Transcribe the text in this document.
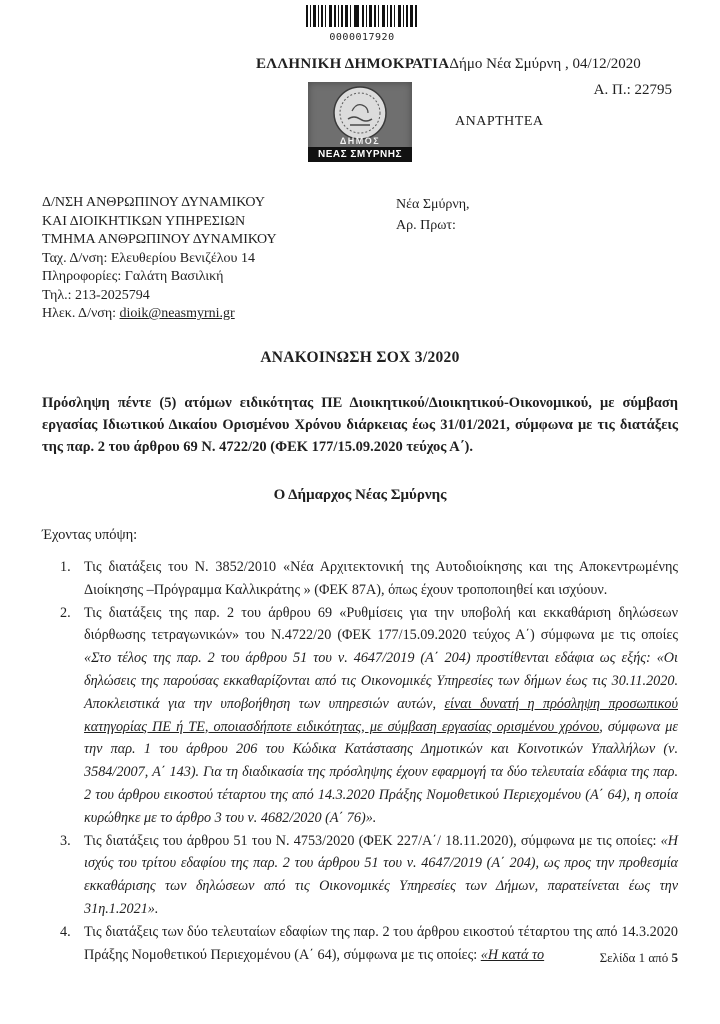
0000017920
ΕΛΛΗΝΙΚΗ ΔΗΜΟΚΡΑΤΙΑΔήμο Νέα Σμύρνη , 04/12/2020
Α. Π.: 22795
ΑΝΑΡΤΗΤΕΑ
ΔΗΜΟΣ
ΝΕΑΣ ΣΜΥΡΝΗΣ
Δ/ΝΣΗ ΑΝΘΡΩΠΙΝΟΥ ΔΥΝΑΜΙΚΟΥ
ΚΑΙ ΔΙΟΙΚΗΤΙΚΩΝ ΥΠΗΡΕΣΙΩΝ
ΤΜΗΜΑ ΑΝΘΡΩΠΙΝΟΥ ΔΥΝΑΜΙΚΟΥ
Ταχ. Δ/νση: Ελευθερίου Βενιζέλου 14
Πληροφορίες: Γαλάτη Βασιλική
Τηλ.: 213-2025794
Ηλεκ. Δ/νση: dioik@neasmyrni.gr
Νέα Σμύρνη,
Αρ. Πρωτ:
ΑΝΑΚΟΙΝΩΣΗ ΣΟΧ 3/2020
Πρόσληψη πέντε (5) ατόμων ειδικότητας ΠΕ Διοικητικού/Διοικητικού-Οικονομικού, με σύμβαση εργασίας Ιδιωτικού Δικαίου Ορισμένου Χρόνου διάρκειας έως 31/01/2021, σύμφωνα με τις διατάξεις της παρ. 2 του άρθρου 69 Ν. 4722/20 (ΦΕΚ 177/15.09.2020 τεύχος Α΄).
Ο Δήμαρχος Νέας Σμύρνης
Έχοντας υπόψη:
1. Τις διατάξεις του Ν. 3852/2010 «Νέα Αρχιτεκτονική της Αυτοδιοίκησης και της Αποκεντρωμένης Διοίκησης –Πρόγραμμα Καλλικράτης » (ΦΕΚ 87Α), όπως έχουν τροποποιηθεί και ισχύουν.
2. Τις διατάξεις της παρ. 2 του άρθρου 69 «Ρυθμίσεις για την υποβολή και εκκαθάριση δηλώσεων διόρθωσης τετραγωνικών» του Ν.4722/20 (ΦΕΚ 177/15.09.2020 τεύχος Α΄) σύμφωνα με τις οποίες «Στο τέλος της παρ. 2 του άρθρου 51 του ν. 4647/2019 (Α΄ 204) προστίθενται εδάφια ως εξής: «Οι δηλώσεις της παρούσας εκκαθαρίζονται από τις Οικονομικές Υπηρεσίες των δήμων έως τις 30.11.2020. Αποκλειστικά για την υποβοήθηση των υπηρεσιών αυτών, είναι δυνατή η πρόσληψη προσωπικού κατηγορίας ΠΕ ή ΤΕ, οποιασδήποτε ειδικότητας, με σύμβαση εργασίας ορισμένου χρόνου, σύμφωνα με την παρ. 1 του άρθρου 206 του Κώδικα Κατάστασης Δημοτικών και Κοινοτικών Υπαλλήλων (ν. 3584/2007, Α΄ 143). Για τη διαδικασία της πρόσληψης έχουν εφαρμογή τα δύο τελευταία εδάφια της παρ. 2 του άρθρου εικοστού τέταρτου της από 14.3.2020 Πράξης Νομοθετικού Περιεχομένου (Α΄ 64), η οποία κυρώθηκε με το άρθρο 3 του ν. 4682/2020 (Α΄ 76)».
3. Τις διατάξεις του άρθρου 51 του Ν. 4753/2020 (ΦΕΚ 227/Α΄/ 18.11.2020), σύμφωνα με τις οποίες: «Η ισχύς του τρίτου εδαφίου της παρ. 2 του άρθρου 51 του ν. 4647/2019 (Α΄ 204), ως προς την προθεσμία εκκαθάρισης των δηλώσεων από τις Οικονομικές Υπηρεσίες των Δήμων, παρατείνεται έως την 31η.1.2021».
4. Τις διατάξεις των δύο τελευταίων εδαφίων της παρ. 2 του άρθρου εικοστού τέταρτου της από 14.3.2020 Πράξης Νομοθετικού Περιεχομένου (Α΄ 64), σύμφωνα με τις οποίες: «Η κατά το	Σελίδα 1 από 5
